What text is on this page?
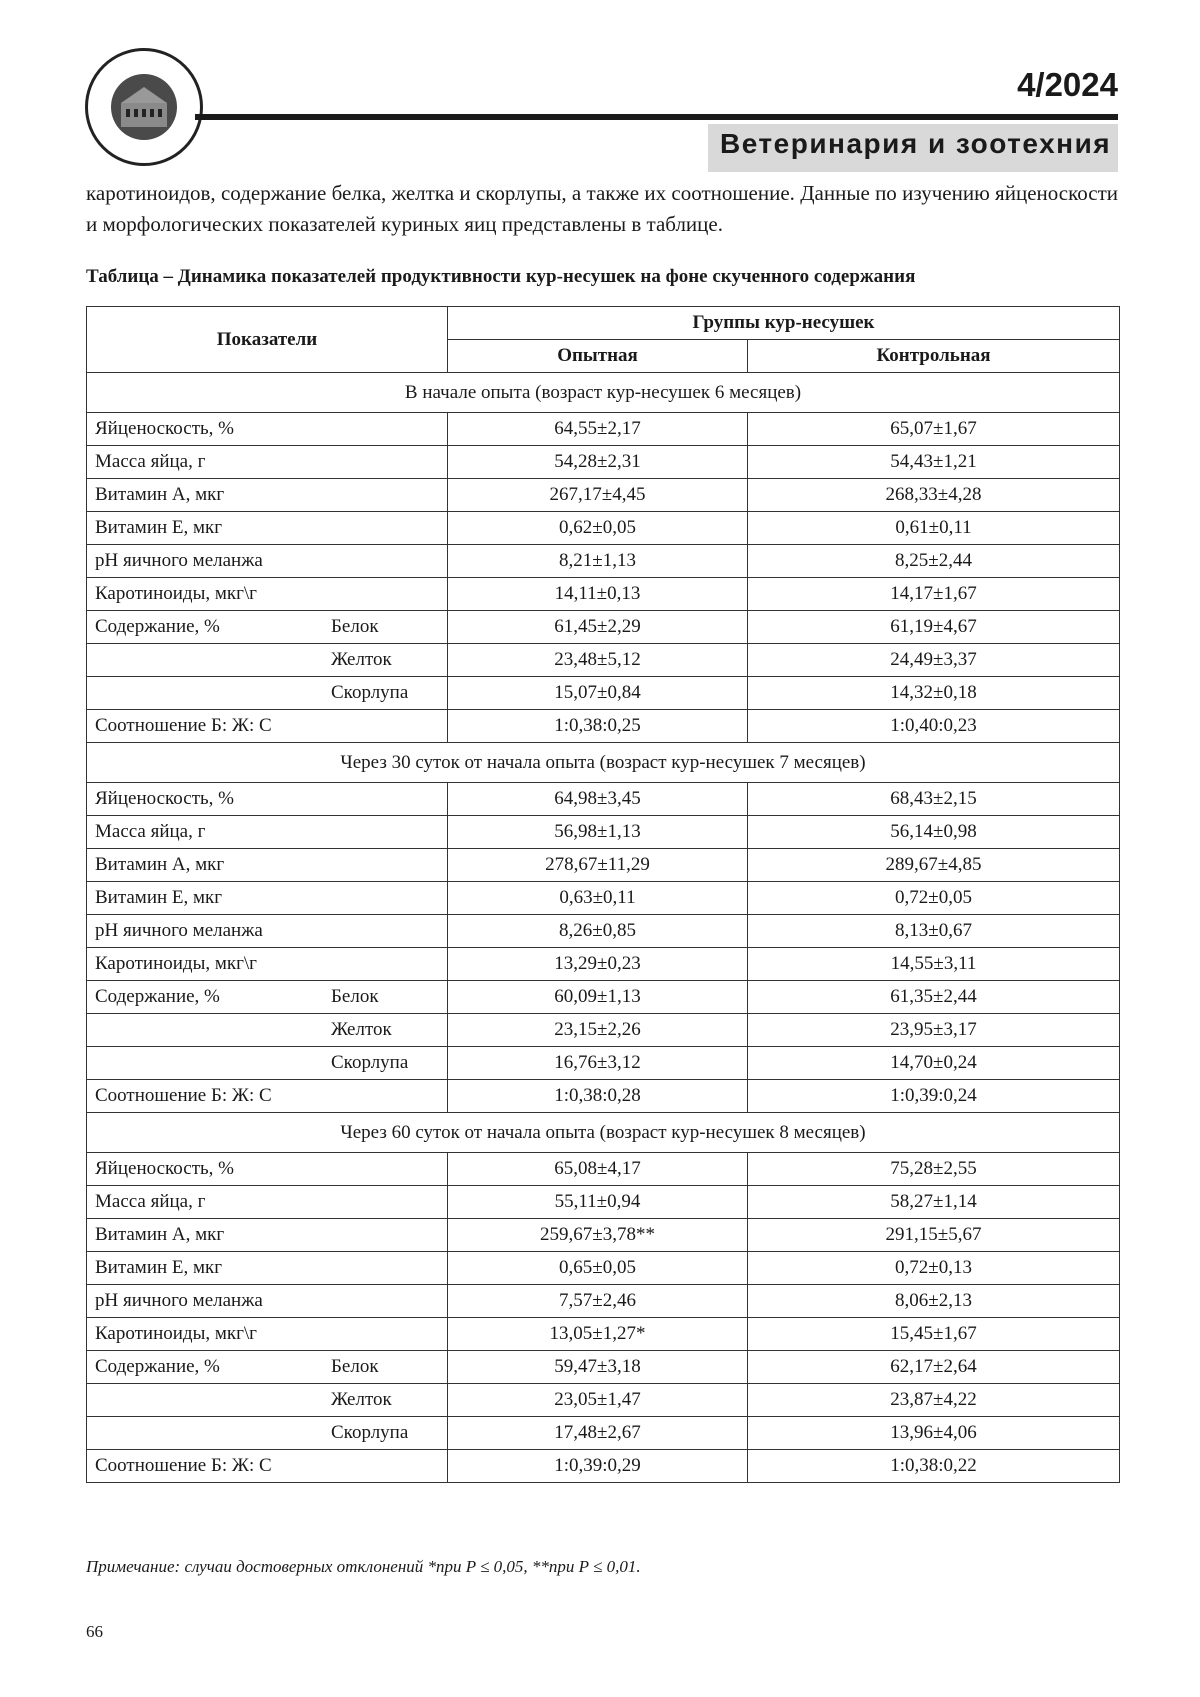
4/2024
Ветеринария и зоотехния
каротиноидов, содержание белка, желтка и скорлупы, а также их соотношение. Данные по изучению яйценоскости и морфологических показателей куриных яиц представлены в таблице.
Таблица – Динамика показателей продуктивности кур-несушек на фоне скученного содержания
Показатели	Группы кур-несушек	
	Опытная	Контрольная
В начале опыта (возраст кур-несушек 6 месяцев)		
Яйценоскость, %	64,55±2,17	65,07±1,67
Масса яйца, г	54,28±2,31	54,43±1,21
Витамин А, мкг	267,17±4,45	268,33±4,28
Витамин Е, мкг	0,62±0,05	0,61±0,11
pH яичного меланжа	8,21±1,13	8,25±2,44
Каротиноиды, мкг\г	14,11±0,13	14,17±1,67
Содержание, % Белок	61,45±2,29	61,19±4,67
Желток	23,48±5,12	24,49±3,37
Скорлупа	15,07±0,84	14,32±0,18
Соотношение Б: Ж: С	1:0,38:0,25	1:0,40:0,23
Через 30 суток от начала опыта (возраст кур-несушек 7 месяцев)		
Яйценоскость, %	64,98±3,45	68,43±2,15
Масса яйца, г	56,98±1,13	56,14±0,98
Витамин А, мкг	278,67±11,29	289,67±4,85
Витамин Е, мкг	0,63±0,11	0,72±0,05
pH яичного меланжа	8,26±0,85	8,13±0,67
Каротиноиды, мкг\г	13,29±0,23	14,55±3,11
Содержание, % Белок	60,09±1,13	61,35±2,44
Желток	23,15±2,26	23,95±3,17
Скорлупа	16,76±3,12	14,70±0,24
Соотношение Б: Ж: С	1:0,38:0,28	1:0,39:0,24
Через 60 суток от начала опыта (возраст кур-несушек 8 месяцев)		
Яйценоскость, %	65,08±4,17	75,28±2,55
Масса яйца, г	55,11±0,94	58,27±1,14
Витамин А, мкг	259,67±3,78**	291,15±5,67
Витамин Е, мкг	0,65±0,05	0,72±0,13
pH яичного меланжа	7,57±2,46	8,06±2,13
Каротиноиды, мкг\г	13,05±1,27*	15,45±1,67
Содержание, % Белок	59,47±3,18	62,17±2,64
Желток	23,05±1,47	23,87±4,22
Скорлупа	17,48±2,67	13,96±4,06
Соотношение Б: Ж: С	1:0,39:0,29	1:0,38:0,22
Примечание: случаи достоверных отклонений *при P ≤ 0,05, **при P ≤ 0,01.
66
